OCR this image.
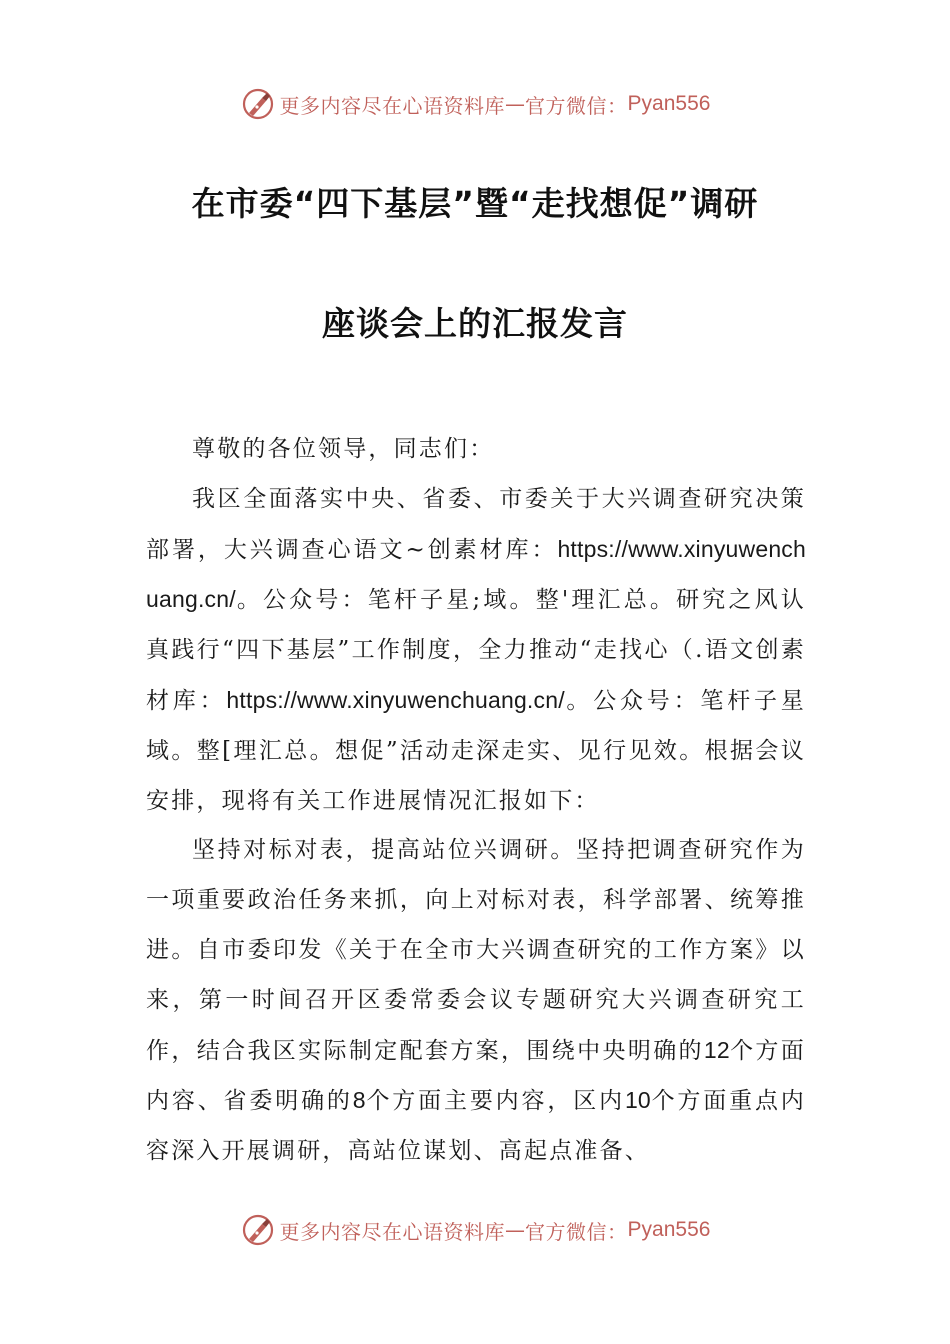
更多内容尽在心语资料库 — 官方微信： Pyan556
在市委“四下基层”暨“走找想促”调研
座谈会上的汇报发言

尊敬的各位领导，同志们：

我区全面落实中央、省委、市委关于大兴调查研究决策部署，大兴调查心语文~创素材库：https://www.xinyuwenchuang.cn/。公众号：笔杆子星;域。整'理汇总。研究之风认真践行“四下基层”工作制度，全力推动“走找心（.语文创素材库：https://www.xinyuwenchuang.cn/。公众号：笔杆子星域。整[理汇总。想促”活动走深走实、见行见效。根据会议安排，现将有关工作进展情况汇报如下：

坚持对标对表，提高站位兴调研。坚持把调查研究作为一项重要政治任务来抓，向上对标对表，科学部署、统筹推进。自市委印发《关于在全市大兴调查研究的工作方案》以来，第一时间召开区委常委会议专题研究大兴调查研究工作，结合我区实际制定配套方案，围绕中央明确的12个方面内容、省委明确的8个方面主要内容，区内10个方面重点内容深入开展调研，高站位谋划、高起点准备、

更多内容尽在心语资料库 — 官方微信： Pyan556
